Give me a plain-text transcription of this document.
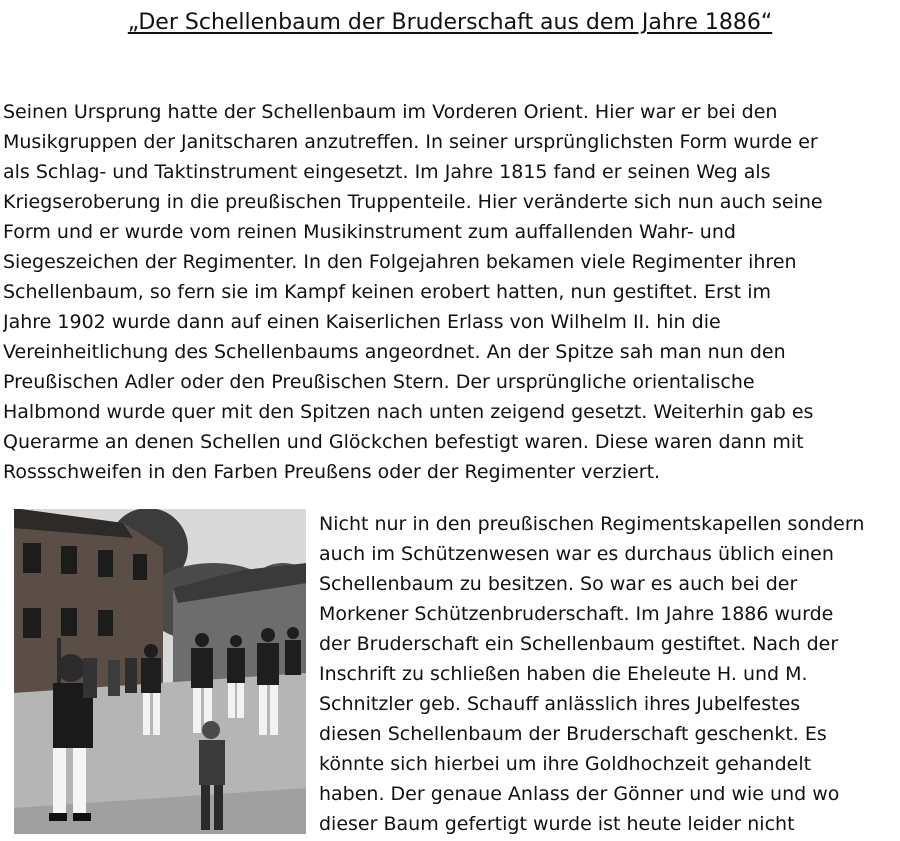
„Der Schellenbaum der Bruderschaft aus dem Jahre 1886“
Seinen Ursprung hatte der Schellenbaum im Vorderen Orient. Hier war er bei den
Musikgruppen der Janitscharen anzutreffen. In seiner ursprünglichsten Form wurde er
als Schlag- und Taktinstrument eingesetzt. Im Jahre 1815 fand er seinen Weg als
Kriegseroberung in die preußischen Truppenteile. Hier veränderte sich nun auch seine
Form und er wurde vom reinen Musikinstrument zum auffallenden Wahr- und
Siegeszeichen der Regimenter. In den Folgejahren bekamen viele Regimenter ihren
Schellenbaum, so fern sie im Kampf keinen erobert hatten, nun gestiftet. Erst im
Jahre 1902 wurde dann auf einen Kaiserlichen Erlass von Wilhelm II. hin die
Vereinheitlichung des Schellenbaums angeordnet. An der Spitze sah man nun den
Preußischen Adler oder den Preußischen Stern. Der ursprüngliche orientalische
Halbmond wurde quer mit den Spitzen nach unten zeigend gesetzt. Weiterhin gab es
Querarme an denen Schellen und Glöckchen befestigt waren. Diese waren dann mit
Rossschweifen in den Farben Preußens oder der Regimenter verziert.
Nicht nur in den preußischen Regimentskapellen sondern
auch im Schützenwesen war es durchaus üblich einen
Schellenbaum zu besitzen. So war es auch bei der
Morkener Schützenbruderschaft. Im Jahre 1886 wurde
der Bruderschaft ein Schellenbaum gestiftet. Nach der
Inschrift zu schließen haben die Eheleute H. und M.
Schnitzler geb. Schauff anlässlich ihres Jubelfestes
diesen Schellenbaum der Bruderschaft geschenkt. Es
könnte sich hierbei um ihre Goldhochzeit gehandelt
haben. Der genaue Anlass der Gönner und wie und wo
dieser Baum gefertigt wurde ist heute leider nicht
